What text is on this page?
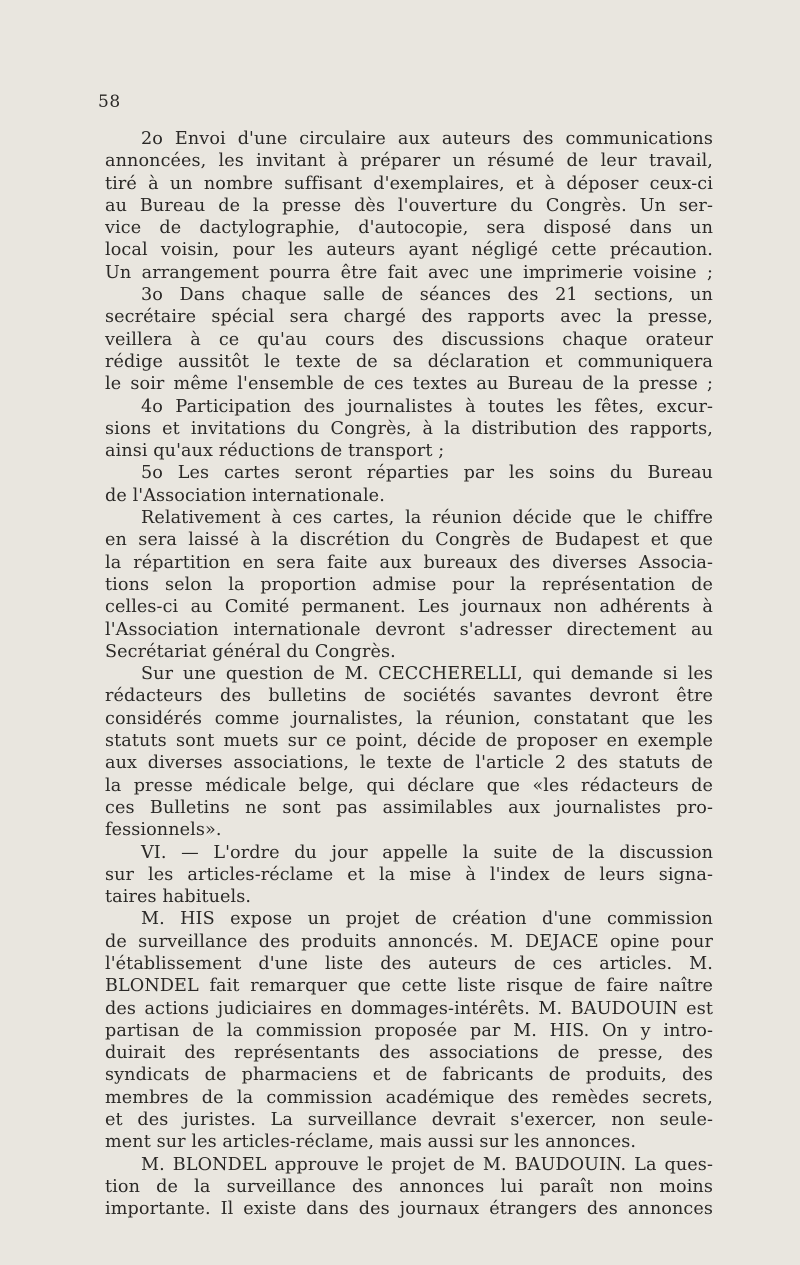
58
2o Envoi d'une circulaire aux auteurs des communications
annoncées, les invitant à préparer un résumé de leur travail,
tiré à un nombre suffisant d'exemplaires, et à déposer ceux-ci
au Bureau de la presse dès l'ouverture du Congrès. Un ser-
vice de dactylographie, d'autocopie, sera disposé dans un
local voisin, pour les auteurs ayant négligé cette précaution.
Un arrangement pourra être fait avec une imprimerie voisine ;
3o Dans chaque salle de séances des 21 sections, un
secrétaire spécial sera chargé des rapports avec la presse,
veillera à ce qu'au cours des discussions chaque orateur
rédige aussitôt le texte de sa déclaration et communiquera
le soir même l'ensemble de ces textes au Bureau de la presse ;
4o Participation des journalistes à toutes les fêtes, excur-
sions et invitations du Congrès, à la distribution des rapports,
ainsi qu'aux réductions de transport ;
5o Les cartes seront réparties par les soins du Bureau
de l'Association internationale.
Relativement à ces cartes, la réunion décide que le chiffre
en sera laissé à la discrétion du Congrès de Budapest et que
la répartition en sera faite aux bureaux des diverses Associa-
tions selon la proportion admise pour la représentation de
celles-ci au Comité permanent. Les journaux non adhérents à
l'Association internationale devront s'adresser directement au
Secrétariat général du Congrès.
Sur une question de M. CECCHERELLI, qui demande si les
rédacteurs des bulletins de sociétés savantes devront être
considérés comme journalistes, la réunion, constatant que les
statuts sont muets sur ce point, décide de proposer en exemple
aux diverses associations, le texte de l'article 2 des statuts de
la presse médicale belge, qui déclare que «les rédacteurs de
ces Bulletins ne sont pas assimilables aux journalistes pro-
fessionnels».
VI. — L'ordre du jour appelle la suite de la discussion
sur les articles-réclame et la mise à l'index de leurs signa-
taires habituels.
M. HIS expose un projet de création d'une commission
de surveillance des produits annoncés. M. DEJACE opine pour
l'établissement d'une liste des auteurs de ces articles. M.
BLONDEL fait remarquer que cette liste risque de faire naître
des actions judiciaires en dommages-intérêts. M. BAUDOUIN est
partisan de la commission proposée par M. HIS. On y intro-
duirait des représentants des associations de presse, des
syndicats de pharmaciens et de fabricants de produits, des
membres de la commission académique des remèdes secrets,
et des juristes. La surveillance devrait s'exercer, non seule-
ment sur les articles-réclame, mais aussi sur les annonces.
M. BLONDEL approuve le projet de M. BAUDOUIN. La ques-
tion de la surveillance des annonces lui paraît non moins
importante. Il existe dans des journaux étrangers des annonces
